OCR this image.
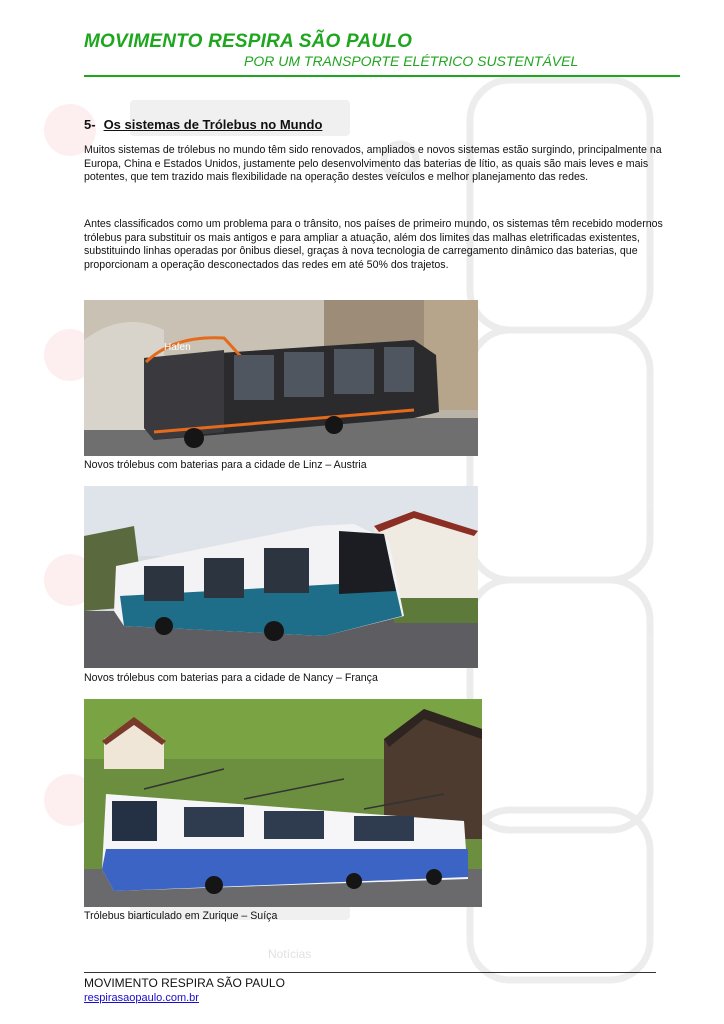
Notícias
MOVIMENTO RESPIRA SÃO PAULO
POR UM TRANSPORTE ELÉTRICO SUSTENTÁVEL
5- Os sistemas de Trólebus no Mundo

Muitos sistemas de trólebus no mundo têm sido renovados, ampliados e novos sistemas estão surgindo, principalmente na Europa, China e Estados Unidos, justamente pelo desenvolvimento das baterias de lítio, as quais são mais leves e mais potentes, que tem trazido mais flexibilidade na operação destes veículos e melhor planejamento das redes.

Antes classificados como um problema para o trânsito, nos países de primeiro mundo, os sistemas têm recebido modernos trólebus para substituir os mais antigos e para ampliar a atuação, além dos limites das malhas eletrificadas existentes, substituindo linhas operadas por ônibus diesel, graças à nova tecnologia de carregamento dinâmico das baterias, que proporcionam a operação desconectados das redes em até 50% dos trajetos.

Hafen
Novos trólebus com baterias para a cidade de Linz – Austria
Novos trólebus com baterias para a cidade de Nancy – França
Trólebus biarticulado em Zurique – Suíça
MOVIMENTO RESPIRA SÃO PAULO
respirasaopaulo.com.br
